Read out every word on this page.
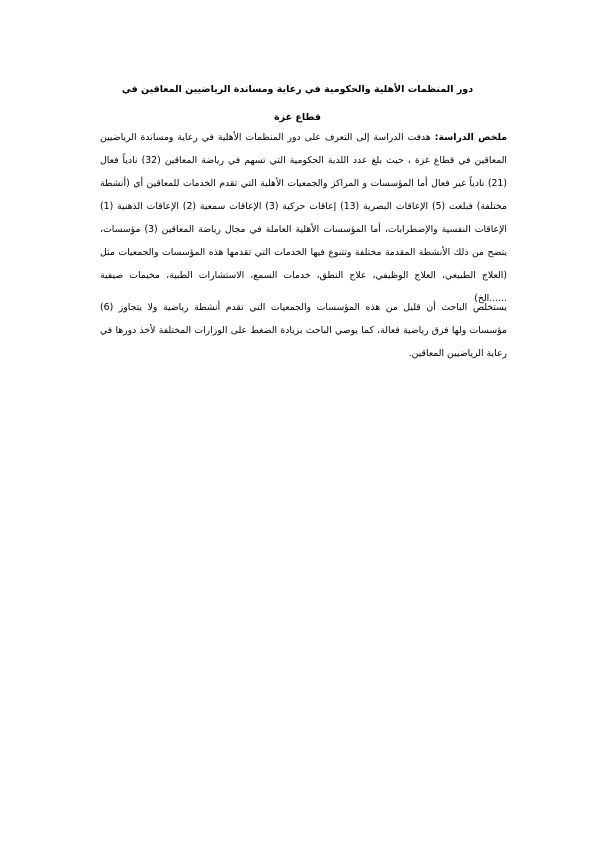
دور المنظمات الأهلية والحكومية في رعاية ومساندة الرياضيين المعاقين في
قطاع غزة

ملخص الدراسة: هدفت الدراسة إلى التعرف على دور المنظمات الأهلية في رعاية ومساندة الرياضيين المعاقين في قطاع غزة ، حيث بلغ عدد اللدية الحكومية التي تسهم في رياضة المعاقين (32) نادياً فعال (21) نادياً غير فعال أما المؤسسات و المراكز والجمعيات الأهلية التي تقدم الخدمات للمعاقين أي (أنشطة مختلفة) فبلغت (5) الإعاقات البصرية (13) إعاقات حركية (3) الإعاقات سمعية (2) الإعاقات الذهنية (1) الإعاقات النفسية والإضطرابات، أما المؤسسات الأهلية العاملة في مجال رياضة المعاقين (3) مؤسسات، يتضح من ذلك الأنشطة المقدمة مختلفة وتتنوع فيها الخدمات التي تقدمها هذه المؤسسات والجمعيات مثل (العلاج الطبيعي، العلاج الوظيفي، علاج النطق، خدمات السمع، الاستشارات الطبية، مخيمات صيفية ......الخ)

يستخلص الباحث أن قليل من هذه المؤسسات والجمعيات التي تقدم أنشطة رياضية ولا يتجاوز (6) مؤسسات ولها فرق رياضية فعالة، كما يوصي الباحث بزيادة الضغط على الوزارات المختلفة لأخذ دورها في رعاية الرياضيين المعاقين.
